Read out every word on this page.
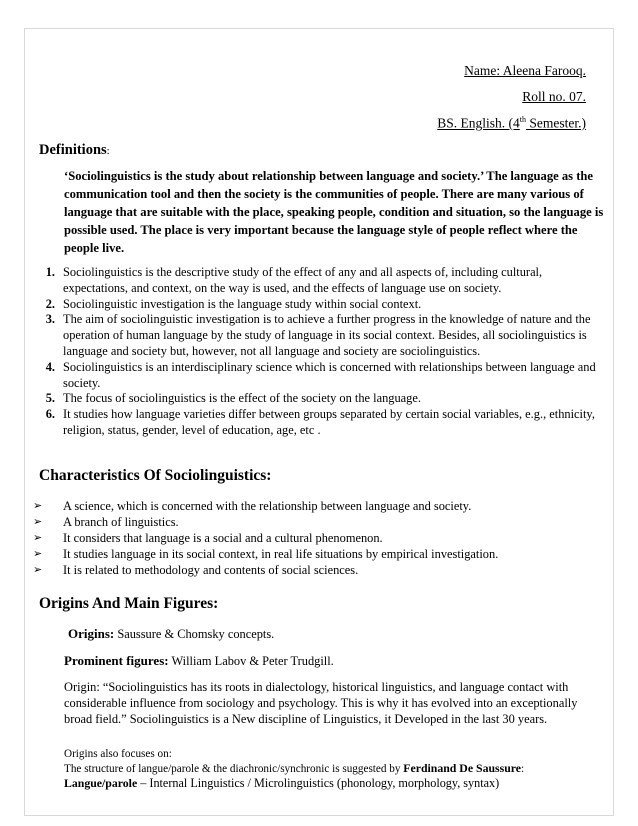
Name: Aleena Farooq.
Roll no. 07.
BS. English. (4th Semester.)
Definitions:
‘Sociolinguistics is the study about relationship between language and society.’ The language as the communication tool and then the society is the communities of people. There are many various of language that are suitable with the place, speaking people, condition and situation, so the language is possible used. The place is very important because the language style of people reflect where the people live.
1. Sociolinguistics is the descriptive study of the effect of any and all aspects of, including cultural, expectations, and context, on the way is used, and the effects of language use on society.
2. Sociolinguistic investigation is the language study within social context.
3. The aim of sociolinguistic investigation is to achieve a further progress in the knowledge of nature and the operation of human language by the study of language in its social context. Besides, all sociolinguistics is language and society but, however, not all language and society are sociolinguistics.
4. Sociolinguistics is an interdisciplinary science which is concerned with relationships between language and society.
5. The focus of sociolinguistics is the effect of the society on the language.
6. It studies how language varieties differ between groups separated by certain social variables, e.g., ethnicity, religion, status, gender, level of education, age, etc .
Characteristics Of Sociolinguistics:
➢ A science, which is concerned with the relationship between language and society.
➢ A branch of linguistics.
➢ It considers that language is a social and a cultural phenomenon.
➢ It studies language in its social context, in real life situations by empirical investigation.
➢ It is related to methodology and contents of social sciences.
Origins And Main Figures:
Origins: Saussure & Chomsky concepts.
Prominent figures: William Labov & Peter Trudgill.
Origin: “Sociolinguistics has its roots in dialectology, historical linguistics, and language contact with considerable influence from sociology and psychology. This is why it has evolved into an exceptionally broad field.” Sociolinguistics is a New discipline of Linguistics, it Developed in the last 30 years.
Origins also focuses on:
The structure of langue/parole & the diachronic/synchronic is suggested by Ferdinand De Saussure:
Langue/parole – Internal Linguistics / Microlinguistics (phonology, morphology, syntax)
